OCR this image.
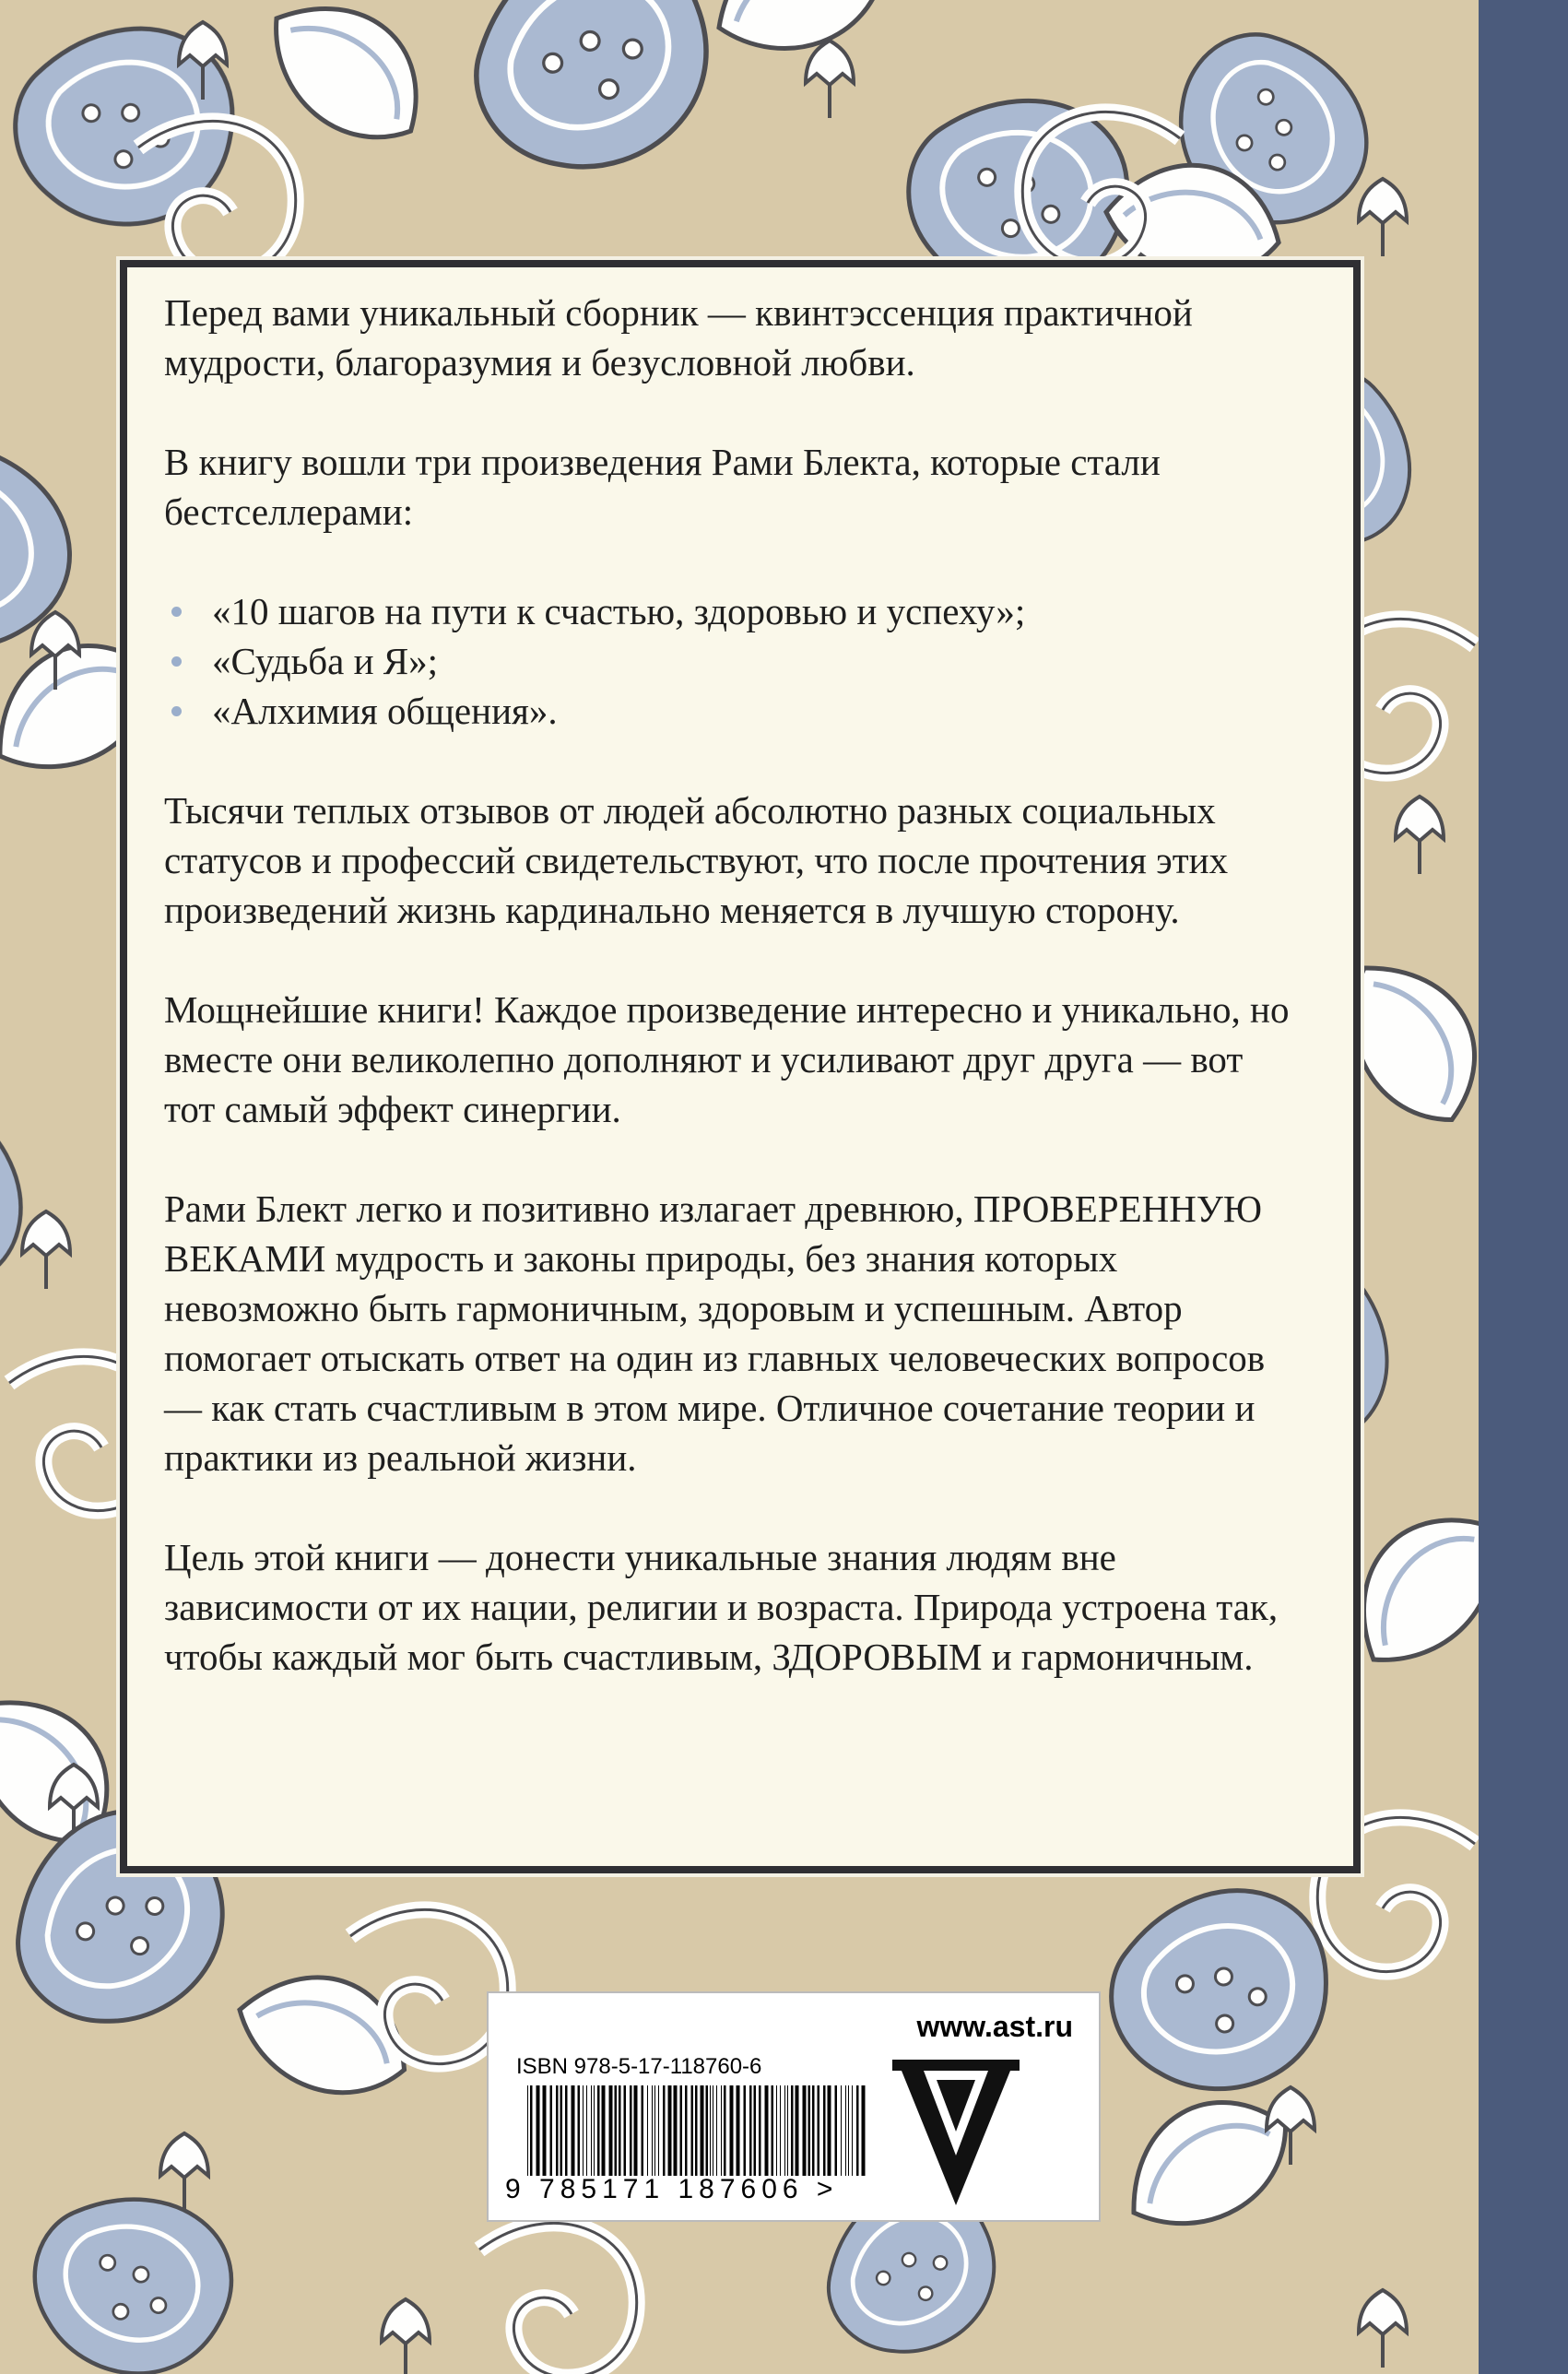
Перед вами уникальный сборник — квинтэссенция практичной мудрости, благоразумия и безусловной любви.

В книгу вошли три произведения Рами Блекта, которые стали бестселлерами:

«10 шагов на пути к счастью, здоровью и успеху»;
«Судьба и Я»;
«Алхимия общения».

Тысячи теплых отзывов от людей абсолютно разных социальных статусов и профессий свидетельствуют, что после прочтения этих произведений жизнь кардинально меняется в лучшую сторону.

Мощнейшие книги! Каждое произведение интересно и уникально, но вместе они великолепно дополняют и усиливают друг друга — вот тот самый эффект синергии.

Рами Блект легко и позитивно излагает древнюю, ПРОВЕРЕННУЮ ВЕКАМИ мудрость и законы природы, без знания которых невозможно быть гармоничным, здоровым и успешным. Автор помогает отыскать ответ на один из главных человеческих вопросов — как стать счастливым в этом мире. Отличное сочетание теории и практики из реальной жизни.

Цель этой книги — донести уникальные знания людям вне зависимости от их нации, религии и возраста. Природа устроена так, чтобы каждый мог быть счастливым, ЗДОРОВЫМ и гармоничным.

www.ast.ru
ISBN 978-5-17-118760-6
9 785171 187606 >
